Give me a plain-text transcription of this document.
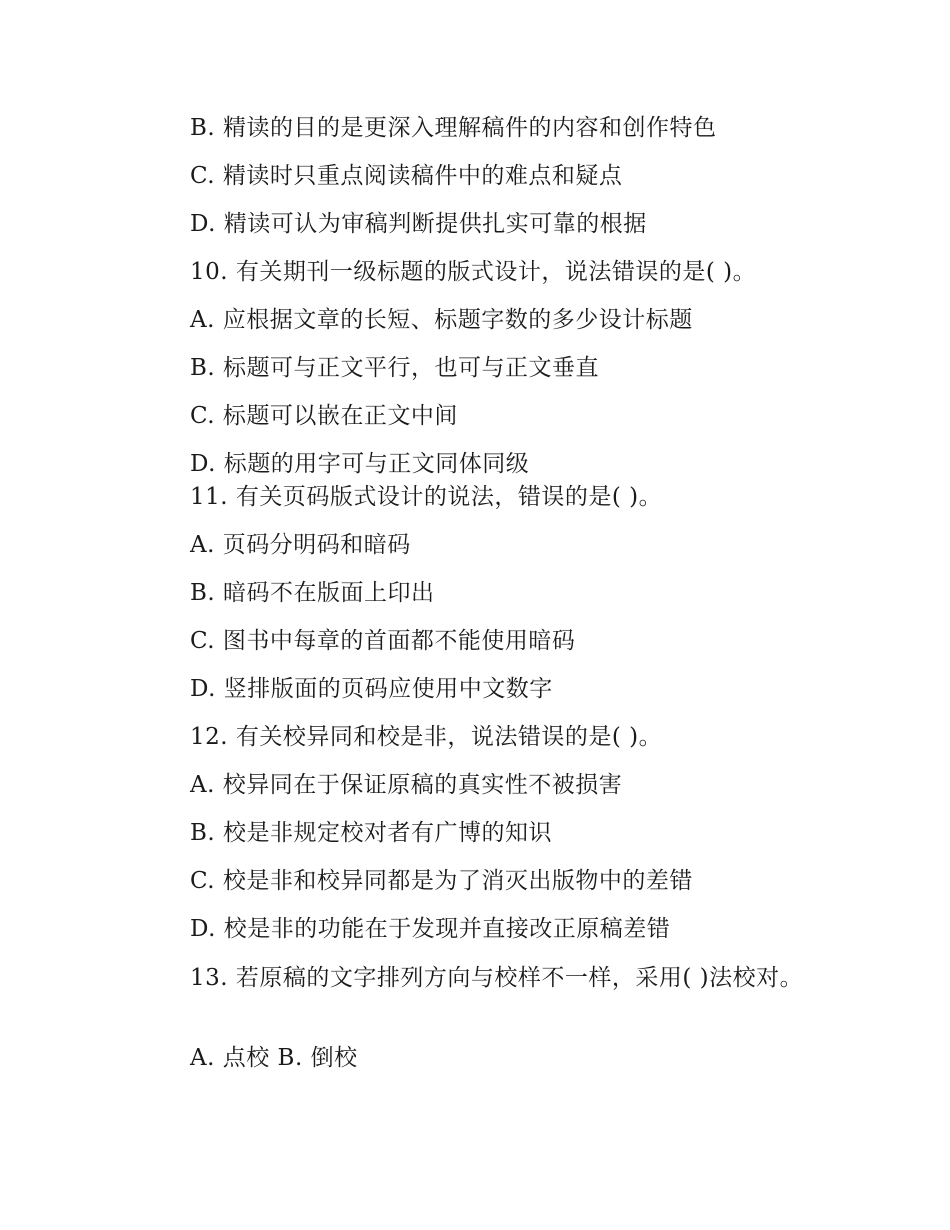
B. 精读的目的是更深入理解稿件的内容和创作特色
C. 精读时只重点阅读稿件中的难点和疑点
D. 精读可认为审稿判断提供扎实可靠的根据
10. 有关期刊一级标题的版式设计，说法错误的是( )。
A. 应根据文章的长短、标题字数的多少设计标题
B. 标题可与正文平行，也可与正文垂直
C. 标题可以嵌在正文中间
D. 标题的用字可与正文同体同级
11. 有关页码版式设计的说法，错误的是( )。
A. 页码分明码和暗码
B. 暗码不在版面上印出
C. 图书中每章的首面都不能使用暗码
D. 竖排版面的页码应使用中文数字
12. 有关校异同和校是非，说法错误的是( )。
A. 校异同在于保证原稿的真实性不被损害
B. 校是非规定校对者有广博的知识
C. 校是非和校异同都是为了消灭出版物中的差错
D. 校是非的功能在于发现并直接改正原稿差错
13. 若原稿的文字排列方向与校样不一样，采用( )法校对。
A. 点校 B. 倒校
